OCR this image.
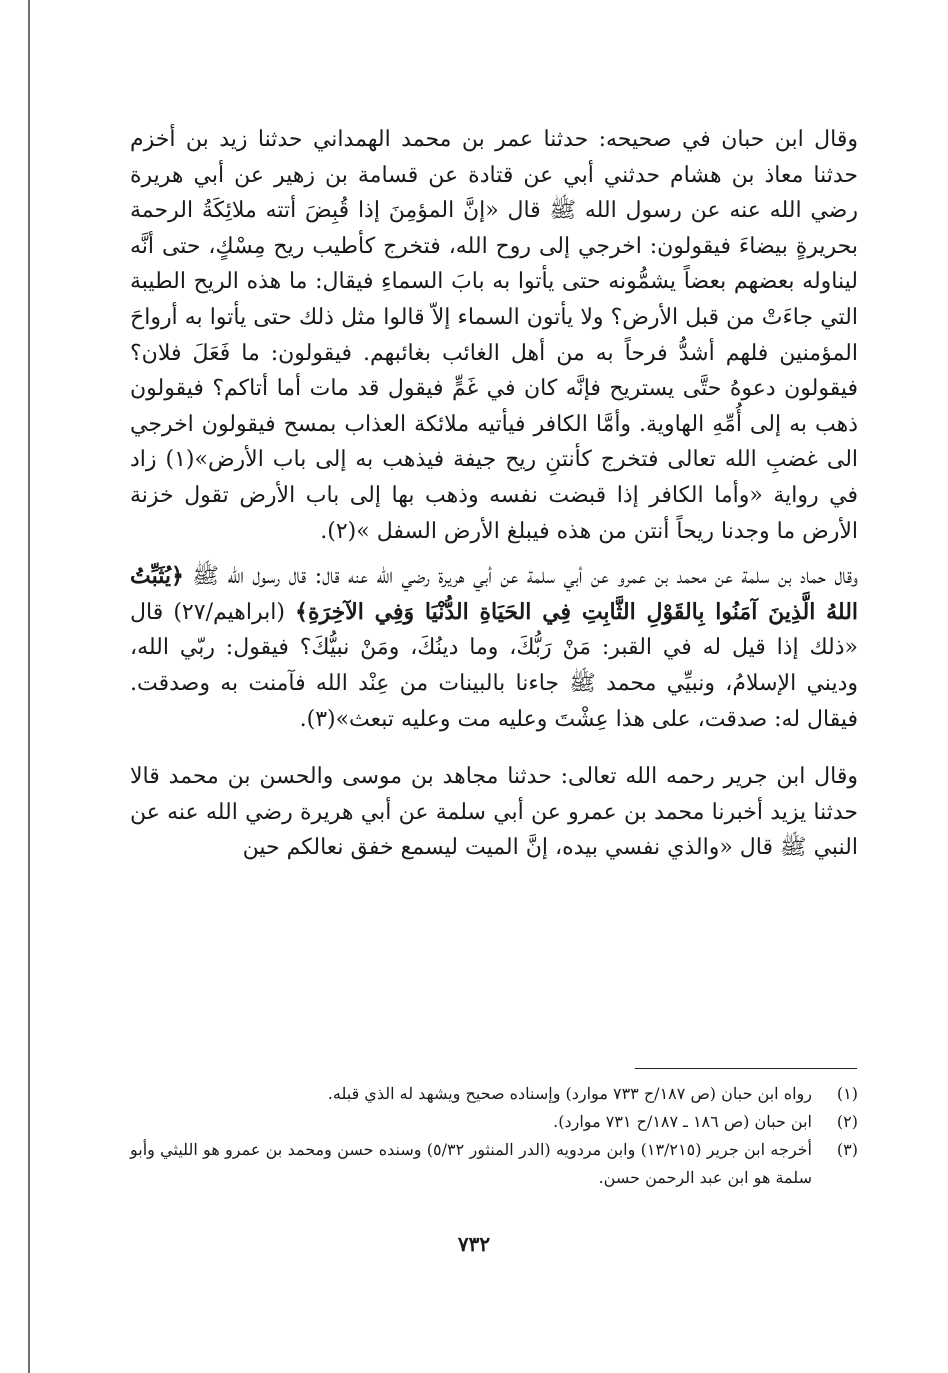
وقال ابن حبان في صحيحه: حدثنا عمر بن محمد الهمداني حدثنا زيد بن أخزم حدثنا معاذ بن هشام حدثني أبي عن قتادة عن قسامة بن زهير عن أبي هريرة رضي الله عنه عن رسول الله ﷺ قال «إنَّ المؤمِنَ إذا قُبِضَ أتته ملائِكَةُ الرحمة بحريرةٍ بيضاءَ فيقولون: اخرجي إلى روح الله، فتخرج كأطيب ريح مِسْكٍ، حتى أنَّه ليناوله بعضهم بعضاً يشمُّونه حتى يأتوا به بابَ السماءِ فيقال: ما هذه الريح الطيبة التي جاءَتْ من قبل الأرض؟ ولا يأتون السماء إلاّ قالوا مثل ذلك حتى يأتوا به أرواحَ المؤمنين فلهم أشدُّ فرحاً به من أهل الغائب بغائبهم. فيقولون: ما فَعَلَ فلان؟ فيقولون دعوهُ حتَّى يستريح فإنَّه كان في غَمٍّ فيقول قد مات أما أتاكم؟ فيقولون ذهب به إلى أُمِّهِ الهاوية. وأمَّا الكافر فيأتيه ملائكة العذاب بمسح فيقولون اخرجي الى غضبِ الله تعالى فتخرج كأنتنِ ريح جيفة فيذهب به إلى باب الأرض»(١) زاد في رواية «وأما الكافر إذا قبضت نفسه وذهب بها إلى باب الأرض تقول خزنة الأرض ما وجدنا ريحاً أنتن من هذه فيبلغ الأرض السفل »(٢).

وقال حماد بن سلمة عن محمد بن عمرو عن أبي سلمة عن أبي هريرة رضي الله عنه قال: قال رسول الله ﷺ ﴿يُثَبِّتُ اللهُ الَّذِينَ آمَنُوا بِالقَوْلِ الثَّابِتِ فِي الحَيَاةِ الدُّنْيَا وَفِي الآخِرَةِ﴾ (ابراهيم/٢٧) قال «ذلك إذا قيل له في القبر: مَنْ رَبُّكَ، وما دينُكَ، ومَنْ نبيُّكَ؟ فيقول: ربّي الله، وديني الإسلامُ، ونبيِّي محمد ﷺ جاءنا بالبينات من عِنْد الله فآمنت به وصدقت. فيقال له: صدقت، على هذا عِشْتَ وعليه مت وعليه تبعث»(٣).

وقال ابن جرير رحمه الله تعالى: حدثنا مجاهد بن موسى والحسن بن محمد قالا حدثنا يزيد أخبرنا محمد بن عمرو عن أبي سلمة عن أبي هريرة رضي الله عنه عن النبي ﷺ قال «والذي نفسي بيده، إنَّ الميت ليسمع خفق نعالكم حين

(١)
رواه ابن حبان (ص ١٨٧/ح ٧٣٣ موارد) وإسناده صحيح ويشهد له الذي قبله.
(٢)
ابن حبان (ص ١٨٦ ـ ١٨٧/ح ٧٣١ موارد).
(٣)
أخرجه ابن جرير (١٣/٢١٥) وابن مردويه (الدر المنثور ٥/٣٢) وسنده حسن ومحمد بن عمرو هو الليثي وأبو سلمة هو ابن عبد الرحمن حسن.
٧٣٢
